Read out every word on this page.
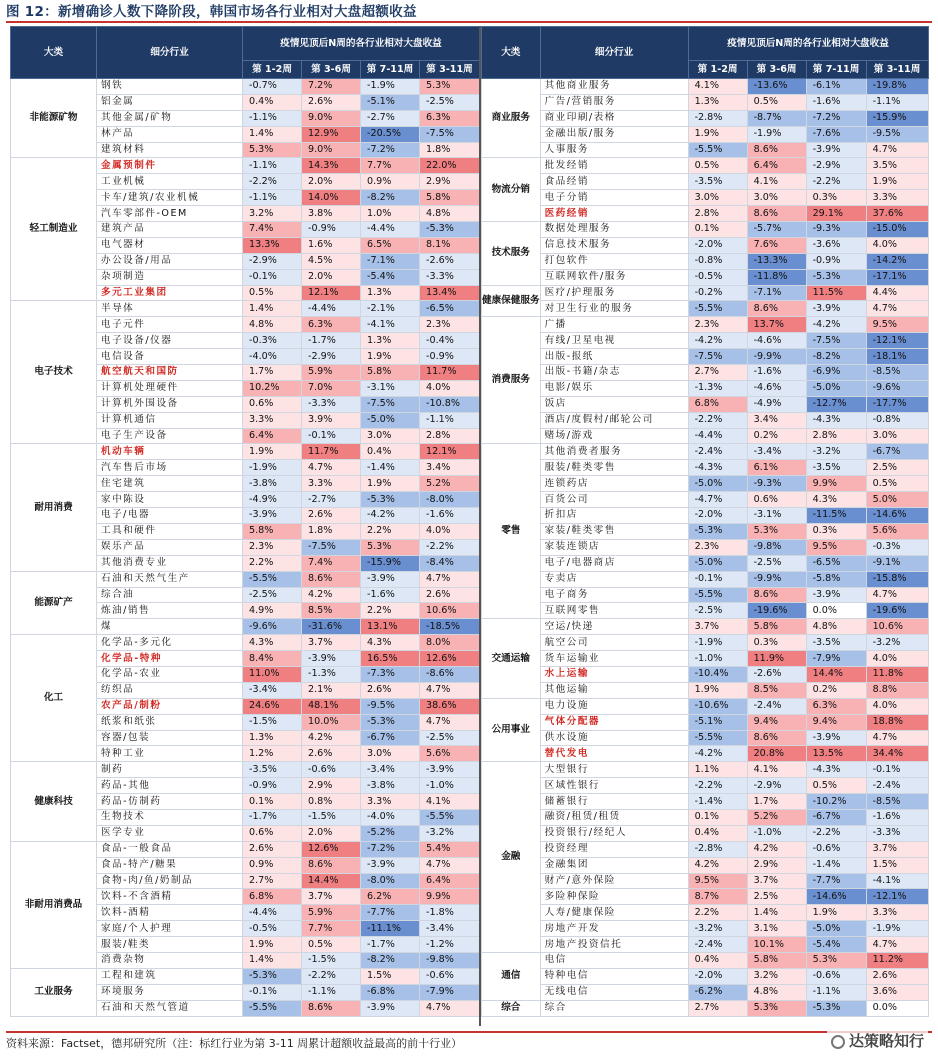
图 12：新增确诊人数下降阶段，韩国市场各行业相对大盘超额收益
大类	细分行业	疫情见顶后N周的各行业相对大盘收益			
		第 1-2周	第 3-6周	第 7-11周	第 3-11周
非能源矿物	钢铁	-0.7%	7.2%	-1.9%	5.3%
	铝金属	0.4%	2.6%	-5.1%	-2.5%
	其他金属/矿物	-1.1%	9.0%	-2.7%	6.3%
	林产品	1.4%	12.9%	-20.5%	-7.5%
	建筑材料	5.3%	9.0%	-7.2%	1.8%
轻工制造业	金属预制件	-1.1%	14.3%	7.7%	22.0%
	工业机械	-2.2%	2.0%	0.9%	2.9%
	卡车/建筑/农业机械	-1.1%	14.0%	-8.2%	5.8%
	汽车零部件-OEM	3.2%	3.8%	1.0%	4.8%
	建筑产品	7.4%	-0.9%	-4.4%	-5.3%
	电气器材	13.3%	1.6%	6.5%	8.1%
	办公设备/用品	-2.9%	4.5%	-7.1%	-2.6%
	杂项制造	-0.1%	2.0%	-5.4%	-3.3%
	多元工业集团	0.5%	12.1%	1.3%	13.4%
电子技术	半导体	1.4%	-4.4%	-2.1%	-6.5%
	电子元件	4.8%	6.3%	-4.1%	2.3%
	电子设备/仪器	-0.3%	-1.7%	1.3%	-0.4%
	电信设备	-4.0%	-2.9%	1.9%	-0.9%
	航空航天和国防	1.7%	5.9%	5.8%	11.7%
	计算机处理硬件	10.2%	7.0%	-3.1%	4.0%
	计算机外围设备	0.6%	-3.3%	-7.5%	-10.8%
	计算机通信	3.3%	3.9%	-5.0%	-1.1%
	电子生产设备	6.4%	-0.1%	3.0%	2.8%
耐用消费	机动车辆	1.9%	11.7%	0.4%	12.1%
	汽车售后市场	-1.9%	4.7%	-1.4%	3.4%
	住宅建筑	-3.8%	3.3%	1.9%	5.2%
	家中陈设	-4.9%	-2.7%	-5.3%	-8.0%
	电子/电器	-3.9%	2.6%	-4.2%	-1.6%
	工具和硬件	5.8%	1.8%	2.2%	4.0%
	娱乐产品	2.3%	-7.5%	5.3%	-2.2%
	其他消费专业	2.2%	7.4%	-15.9%	-8.4%
能源矿产	石油和天然气生产	-5.5%	8.6%	-3.9%	4.7%
	综合油	-2.5%	4.2%	-1.6%	2.6%
	炼油/销售	4.9%	8.5%	2.2%	10.6%
	煤	-9.6%	-31.6%	13.1%	-18.5%
化工	化学品-多元化	4.3%	3.7%	4.3%	8.0%
	化学品-特种	8.4%	-3.9%	16.5%	12.6%
	化学品-农业	11.0%	-1.3%	-7.3%	-8.6%
	纺织品	-3.4%	2.1%	2.6%	4.7%
	农产品/制粉	24.6%	48.1%	-9.5%	38.6%
	纸浆和纸张	-1.5%	10.0%	-5.3%	4.7%
	容器/包装	1.3%	4.2%	-6.7%	-2.5%
	特种工业	1.2%	2.6%	3.0%	5.6%
健康科技	制药	-3.5%	-0.6%	-3.4%	-3.9%
	药品-其他	-0.9%	2.9%	-3.8%	-1.0%
	药品-仿制药	0.1%	0.8%	3.3%	4.1%
	生物技术	-1.7%	-1.5%	-4.0%	-5.5%
	医学专业	0.6%	2.0%	-5.2%	-3.2%
非耐用消费品	食品-一般食品	2.6%	12.6%	-7.2%	5.4%
	食品-特产/糖果	0.9%	8.6%	-3.9%	4.7%
	食物-肉/鱼/奶制品	2.7%	14.4%	-8.0%	6.4%
	饮料-不含酒精	6.8%	3.7%	6.2%	9.9%
	饮料-酒精	-4.4%	5.9%	-7.7%	-1.8%
	家庭/个人护理	-0.5%	7.7%	-11.1%	-3.4%
	服装/鞋类	1.9%	0.5%	-1.7%	-1.2%
	消费杂物	1.4%	-1.5%	-8.2%	-9.8%
工业服务	工程和建筑	-5.3%	-2.2%	1.5%	-0.6%
	环境服务	-0.1%	-1.1%	-6.8%	-7.9%
	石油和天然气管道	-5.5%	8.6%	-3.9%	4.7%
大类	细分行业	疫情见顶后N周的各行业相对大盘收益			
		第 1-2周	第 3-6周	第 7-11周	第 3-11周
商业服务	其他商业服务	4.1%	-13.6%	-6.1%	-19.8%
	广告/营销服务	1.3%	0.5%	-1.6%	-1.1%
	商业印刷/表格	-2.8%	-8.7%	-7.2%	-15.9%
	金融出版/服务	1.9%	-1.9%	-7.6%	-9.5%
	人事服务	-5.5%	8.6%	-3.9%	4.7%
物流分销	批发经销	0.5%	6.4%	-2.9%	3.5%
	食品经销	-3.5%	4.1%	-2.2%	1.9%
	电子分销	3.0%	3.0%	0.3%	3.3%
	医药经销	2.8%	8.6%	29.1%	37.6%
技术服务	数据处理服务	0.1%	-5.7%	-9.3%	-15.0%
	信息技术服务	-2.0%	7.6%	-3.6%	4.0%
	打包软件	-0.8%	-13.3%	-0.9%	-14.2%
	互联网软件/服务	-0.5%	-11.8%	-5.3%	-17.1%
健康保健服务	医疗/护理服务	-0.2%	-7.1%	11.5%	4.4%
	对卫生行业的服务	-5.5%	8.6%	-3.9%	4.7%
消费服务	广播	2.3%	13.7%	-4.2%	9.5%
	有线/卫星电视	-4.2%	-4.6%	-7.5%	-12.1%
	出版-报纸	-7.5%	-9.9%	-8.2%	-18.1%
	出版-书籍/杂志	2.7%	-1.6%	-6.9%	-8.5%
	电影/娱乐	-1.3%	-4.6%	-5.0%	-9.6%
	饭店	6.8%	-4.9%	-12.7%	-17.7%
	酒店/度假村/邮轮公司	-2.2%	3.4%	-4.3%	-0.8%
	赌场/游戏	-4.4%	0.2%	2.8%	3.0%
零售	其他消费者服务	-2.4%	-3.4%	-3.2%	-6.7%
	服装/鞋类零售	-4.3%	6.1%	-3.5%	2.5%
	连锁药店	-5.0%	-9.3%	9.9%	0.5%
	百货公司	-4.7%	0.6%	4.3%	5.0%
	折扣店	-2.0%	-3.1%	-11.5%	-14.6%
	家装/鞋类零售	-5.3%	5.3%	0.3%	5.6%
	家装连锁店	2.3%	-9.8%	9.5%	-0.3%
	电子/电器商店	-5.0%	-2.5%	-6.5%	-9.1%
	专卖店	-0.1%	-9.9%	-5.8%	-15.8%
	电子商务	-5.5%	8.6%	-3.9%	4.7%
	互联网零售	-2.5%	-19.6%	0.0%	-19.6%
交通运输	空运/快递	3.7%	5.8%	4.8%	10.6%
	航空公司	-1.9%	0.3%	-3.5%	-3.2%
	货车运输业	-1.0%	11.9%	-7.9%	4.0%
	水上运输	-10.4%	-2.6%	14.4%	11.8%
	其他运输	1.9%	8.5%	0.2%	8.8%
公用事业	电力设施	-10.6%	-2.4%	6.3%	4.0%
	气体分配器	-5.1%	9.4%	9.4%	18.8%
	供水设施	-5.5%	8.6%	-3.9%	4.7%
	替代发电	-4.2%	20.8%	13.5%	34.4%
金融	大型银行	1.1%	4.1%	-4.3%	-0.1%
	区域性银行	-2.2%	-2.9%	0.5%	-2.4%
	储蓄银行	-1.4%	1.7%	-10.2%	-8.5%
	融资/租赁/租赁	0.1%	5.2%	-6.7%	-1.6%
	投资银行/经纪人	0.4%	-1.0%	-2.2%	-3.3%
	投资经理	-2.8%	4.2%	-0.6%	3.7%
	金融集团	4.2%	2.9%	-1.4%	1.5%
	财产/意外保险	9.5%	3.7%	-7.7%	-4.1%
	多险种保险	8.7%	2.5%	-14.6%	-12.1%
	人寿/健康保险	2.2%	1.4%	1.9%	3.3%
	房地产开发	-3.2%	3.1%	-5.0%	-1.9%
	房地产投资信托	-2.4%	10.1%	-5.4%	4.7%
通信	电信	0.4%	5.8%	5.3%	11.2%
	特种电信	-2.0%	3.2%	-0.6%	2.6%
	无线电信	-6.2%	4.8%	-1.1%	3.6%
综合	综合	2.7%	5.3%	-5.3%	0.0%
资料来源：Factset，德邦研究所（注：标红行业为第 3-11 周累计超额收益最高的前十行业）	达策略知行
